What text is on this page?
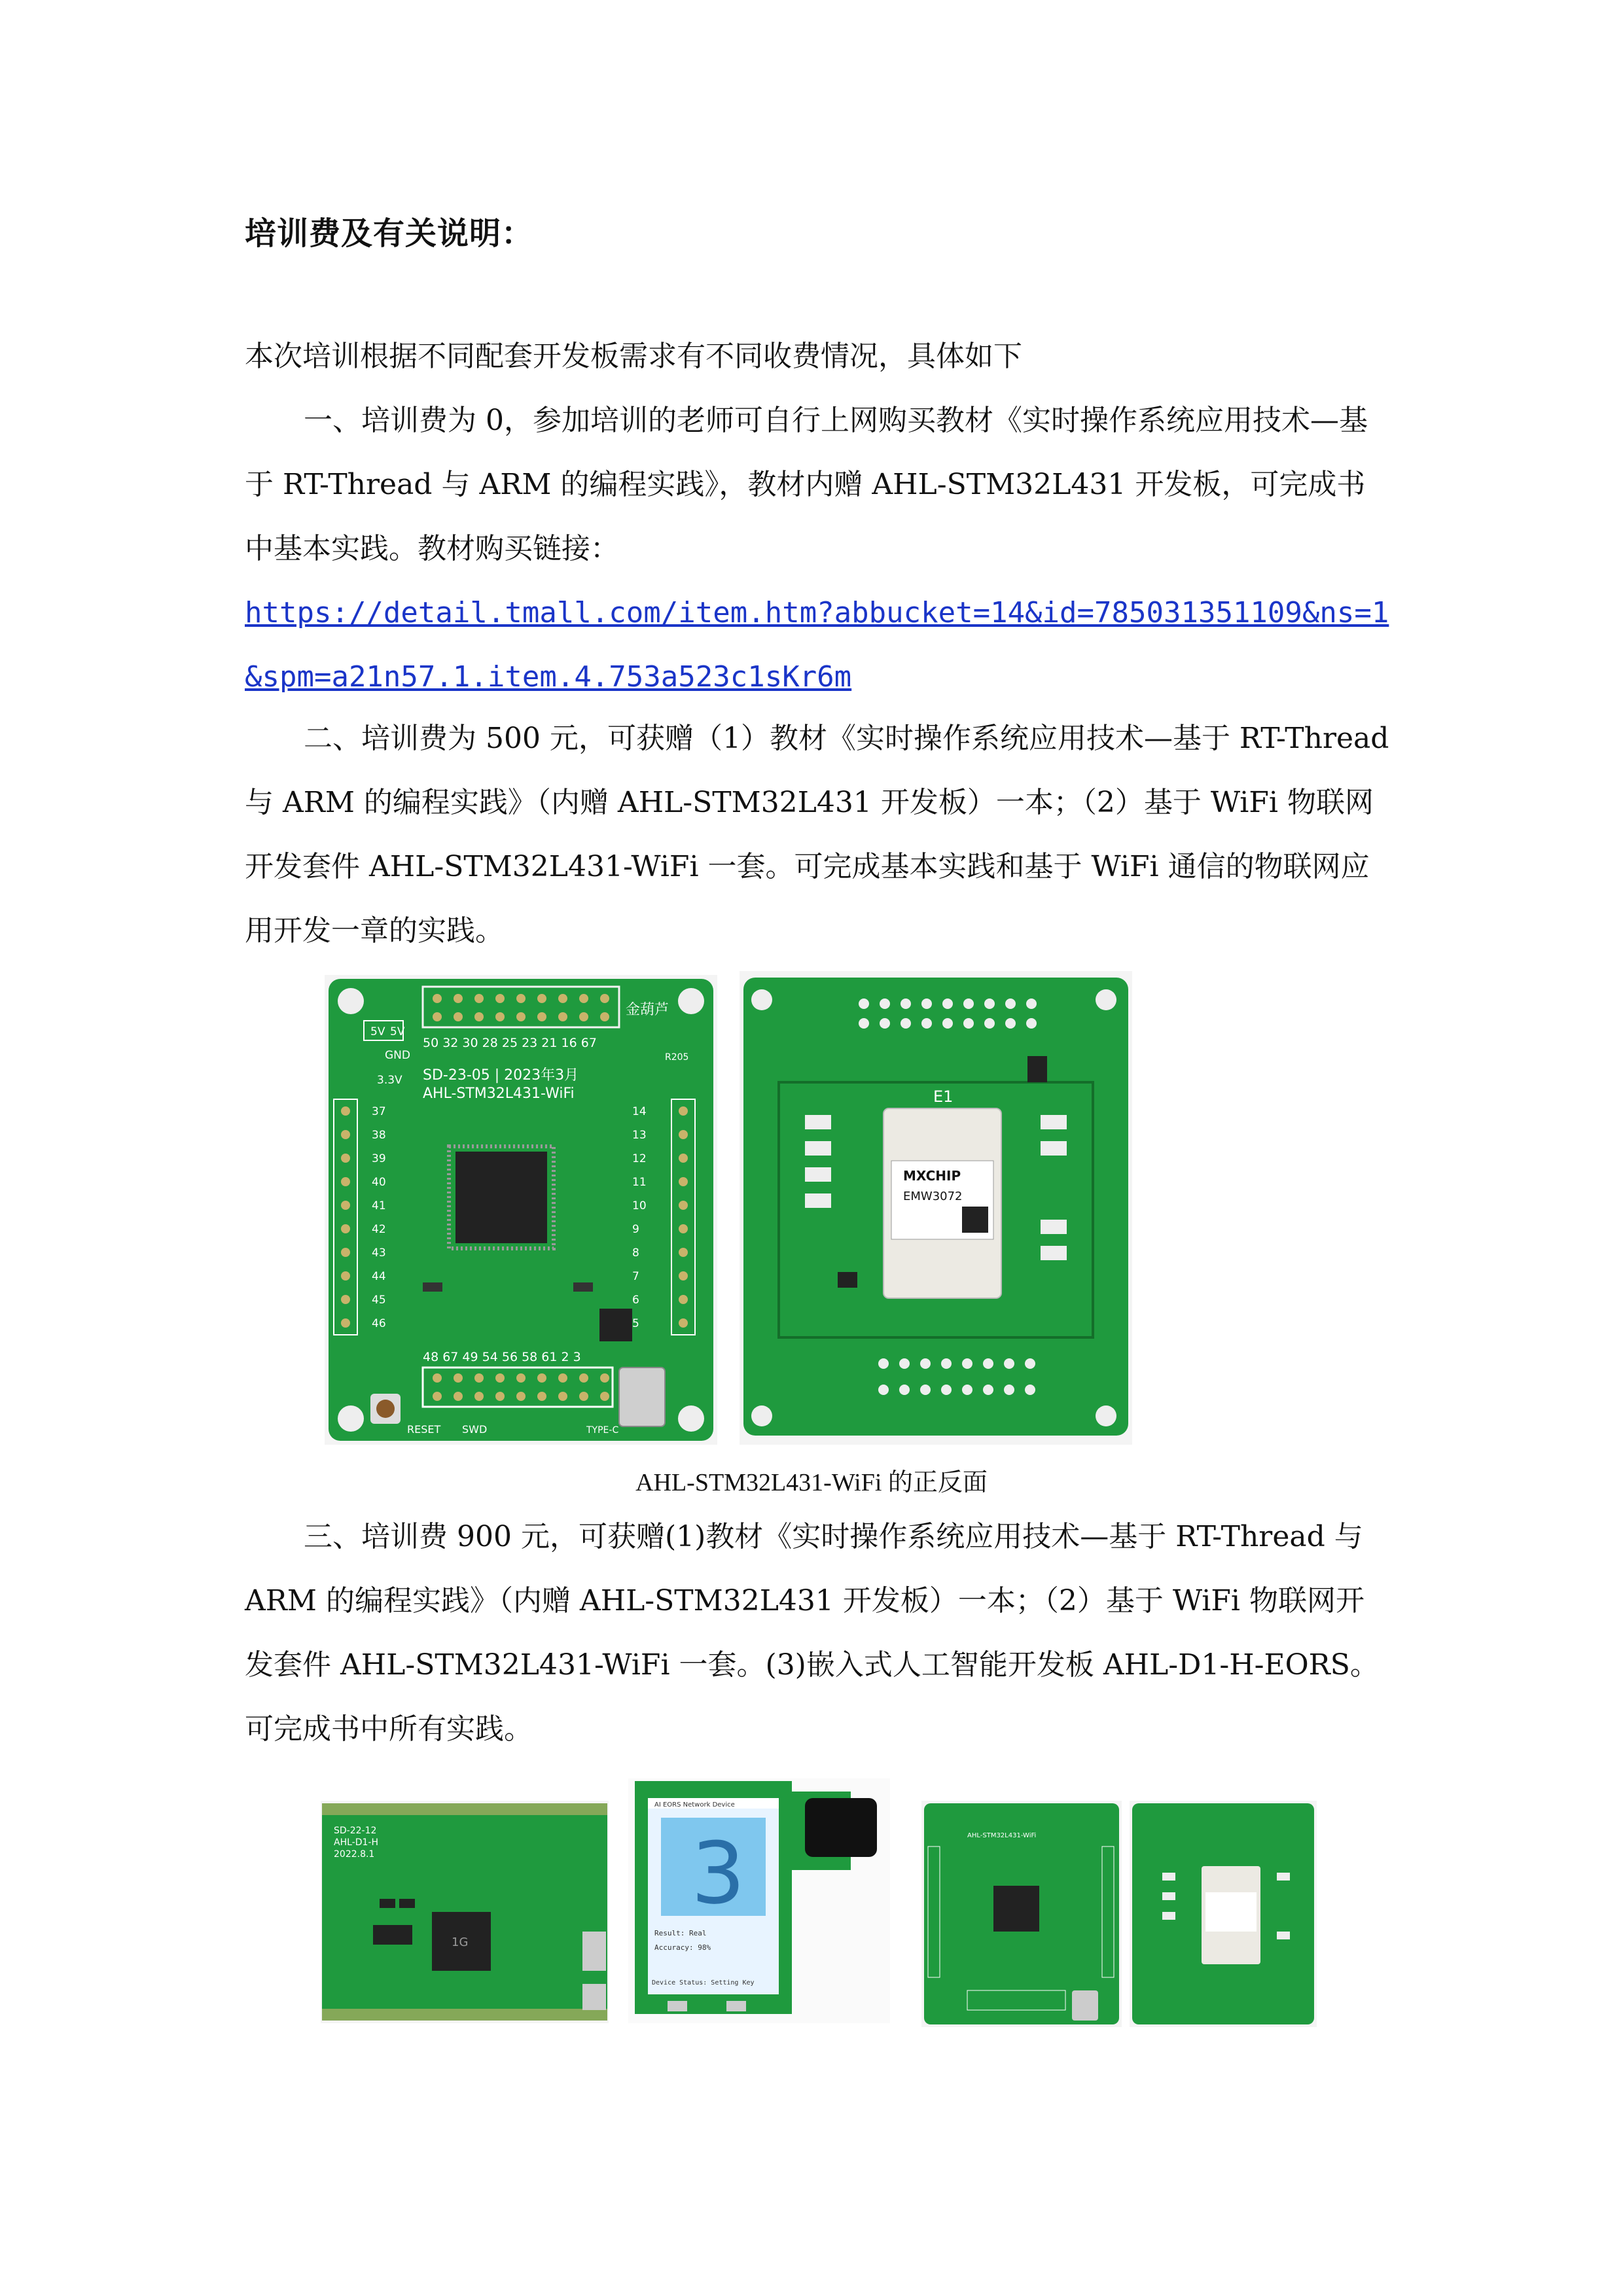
培训费及有关说明：

本次培训根据不同配套开发板需求有不同收费情况，具体如下

一、培训费为 0，参加培训的老师可自行上网购买教材《实时操作系统应用技术—基于 RT-Thread 与 ARM 的编程实践》，教材内赠 AHL-STM32L431 开发板，可完成书中基本实践。教材购买链接：
https://detail.tmall.com/item.htm?abbucket=14&id=785031351109&ns=1&spm=a21n57.1.item.4.753a523c1sKr6m

二、培训费为 500 元，可获赠（1）教材《实时操作系统应用技术—基于 RT-Thread 与 ARM 的编程实践》（内赠 AHL-STM32L431 开发板）一本；（2）基于 WiFi 物联网开发套件 AHL-STM32L431-WiFi 一套。可完成基本实践和基于 WiFi 通信的物联网应用开发一章的实践。

50 32 30 28 25 23 21 16 67
金葫芦
5V 5V
GND
3.3V SD-23-05 | 2023年3月
AHL-STM32L431-WiFi
R205
37
38
39
40
41
42
43
44
45
46
14
13
12
11
10
9
8
7
6
5
48 67 49 54 56 58 61 2 3
RESET SWD	TYPE-C
E1
MXCHIP
EMW3072
AHL-STM32L431-WiFi 的正反面

三、培训费 900 元，可获赠(1)教材《实时操作系统应用技术—基于 RT-Thread 与 ARM 的编程实践》（内赠 AHL-STM32L431 开发板）一本；（2）基于 WiFi 物联网开发套件 AHL-STM32L431-WiFi 一套。(3)嵌入式人工智能开发板 AHL-D1-H-EORS。可完成书中所有实践。

SD-22-12
AHL-D1-H
2022.8.1
1G
AI EORS Network Device
3
Result: Real
Accuracy: 98%
Device Status: Setting Key
AHL-STM32L431-WiFi
